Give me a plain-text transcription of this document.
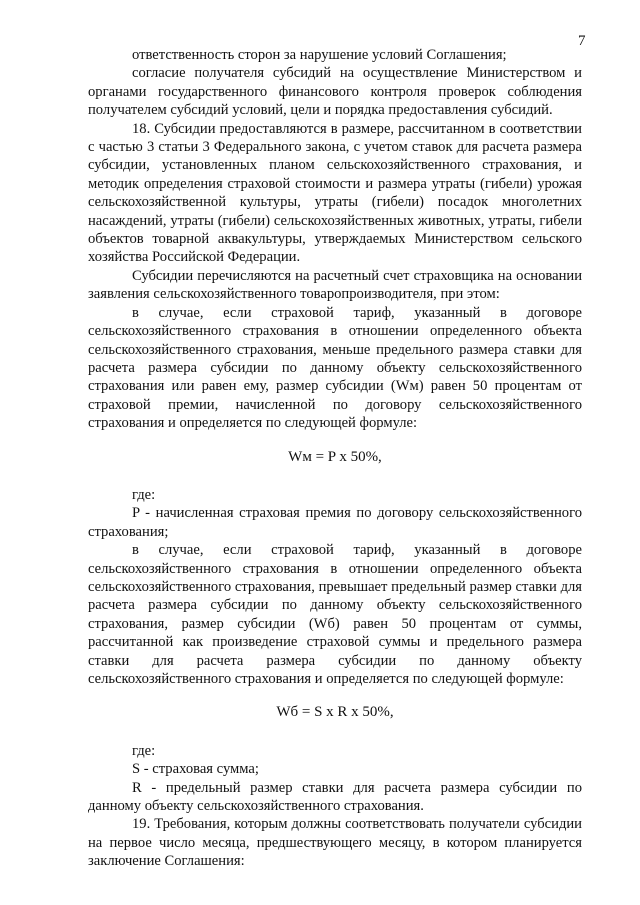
7

ответственность сторон за нарушение условий Соглашения;

согласие получателя субсидий на осуществление Министерством и органами государственного финансового контроля проверок соблюдения получателем субсидий условий, цели и порядка предоставления субсидий.

18. Субсидии предоставляются в размере, рассчитанном в соответствии с частью 3 статьи 3 Федерального закона, с учетом ставок для расчета размера субсидии, установленных планом сельскохозяйственного страхования, и методик определения страховой стоимости и размера утраты (гибели) урожая сельскохозяйственной культуры, утраты (гибели) посадок многолетних насаждений, утраты (гибели) сельскохозяйственных животных, утраты, гибели объектов товарной аквакультуры, утверждаемых Министерством сельского хозяйства Российской Федерации.

Субсидии перечисляются на расчетный счет страховщика на основании заявления сельскохозяйственного товаропроизводителя, при этом:

в случае, если страховой тариф, указанный в договоре сельскохозяйственного страхования в отношении определенного объекта сельскохозяйственного страхования, меньше предельного размера ставки для расчета размера субсидии по данному объекту сельскохозяйственного страхования или равен ему, размер субсидии (Wм) равен 50 процентам от страховой премии, начисленной по договору сельскохозяйственного страхования и определяется по следующей формуле:

Wм = P x 50%,

где:

P - начисленная страховая премия по договору сельскохозяйственного страхования;

в случае, если страховой тариф, указанный в договоре сельскохозяйственного страхования в отношении определенного объекта сельскохозяйственного страхования, превышает предельный размер ставки для расчета размера субсидии по данному объекту сельскохозяйственного страхования, размер субсидии (Wб) равен 50 процентам от суммы, рассчитанной как произведение страховой суммы и предельного размера ставки для расчета размера субсидии по данному объекту сельскохозяйственного страхования и определяется по следующей формуле:

Wб = S x R x 50%,

где:

S - страховая сумма;

R - предельный размер ставки для расчета размера субсидии по данному объекту сельскохозяйственного страхования.

19. Требования, которым должны соответствовать получатели субсидии на первое число месяца, предшествующего месяцу, в котором планируется заключение Соглашения:
